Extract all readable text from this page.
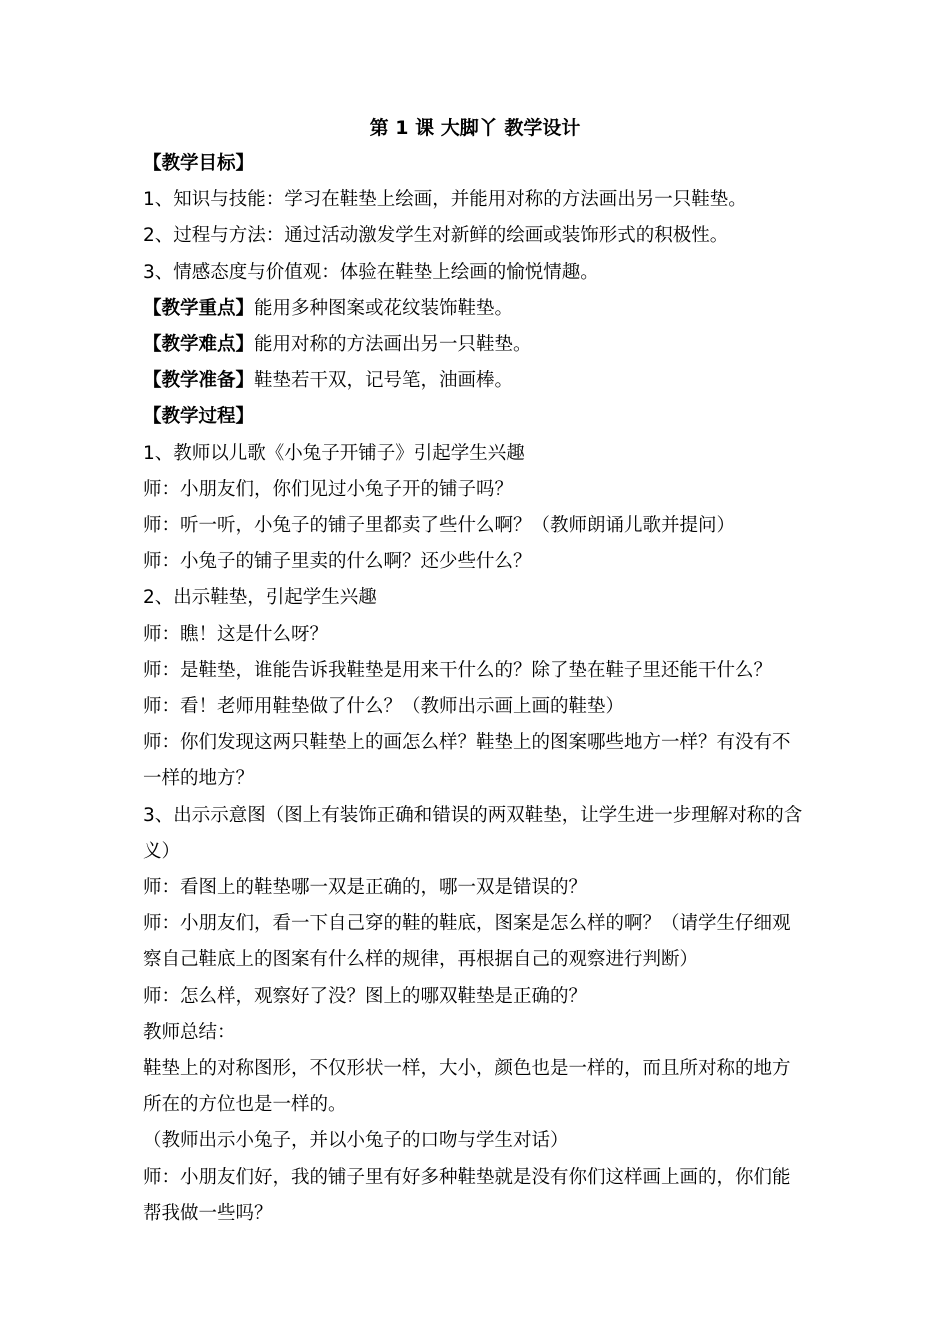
第 1 课 大脚丫 教学设计

【教学目标】

1、知识与技能：学习在鞋垫上绘画，并能用对称的方法画出另一只鞋垫。

2、过程与方法：通过活动激发学生对新鲜的绘画或装饰形式的积极性。

3、情感态度与价值观：体验在鞋垫上绘画的愉悦情趣。

【教学重点】能用多种图案或花纹装饰鞋垫。

【教学难点】能用对称的方法画出另一只鞋垫。

【教学准备】鞋垫若干双，记号笔，油画棒。

【教学过程】

1、教师以儿歌《小兔子开铺子》引起学生兴趣

师：小朋友们，你们见过小兔子开的铺子吗？

师：听一听，小兔子的铺子里都卖了些什么啊？（教师朗诵儿歌并提问）

师：小兔子的铺子里卖的什么啊？还少些什么？

2、出示鞋垫，引起学生兴趣

师：瞧！这是什么呀？

师：是鞋垫，谁能告诉我鞋垫是用来干什么的？除了垫在鞋子里还能干什么？

师：看！老师用鞋垫做了什么？（教师出示画上画的鞋垫）

师：你们发现这两只鞋垫上的画怎么样？鞋垫上的图案哪些地方一样？有没有不一样的地方？

3、出示示意图（图上有装饰正确和错误的两双鞋垫，让学生进一步理解对称的含义）

师：看图上的鞋垫哪一双是正确的，哪一双是错误的？

师：小朋友们，看一下自己穿的鞋的鞋底，图案是怎么样的啊？（请学生仔细观察自己鞋底上的图案有什么样的规律，再根据自己的观察进行判断）

师：怎么样，观察好了没？图上的哪双鞋垫是正确的？

教师总结：

鞋垫上的对称图形，不仅形状一样，大小，颜色也是一样的，而且所对称的地方所在的方位也是一样的。

（教师出示小兔子，并以小兔子的口吻与学生对话）

师：小朋友们好，我的铺子里有好多种鞋垫就是没有你们这样画上画的，你们能帮我做一些吗？
